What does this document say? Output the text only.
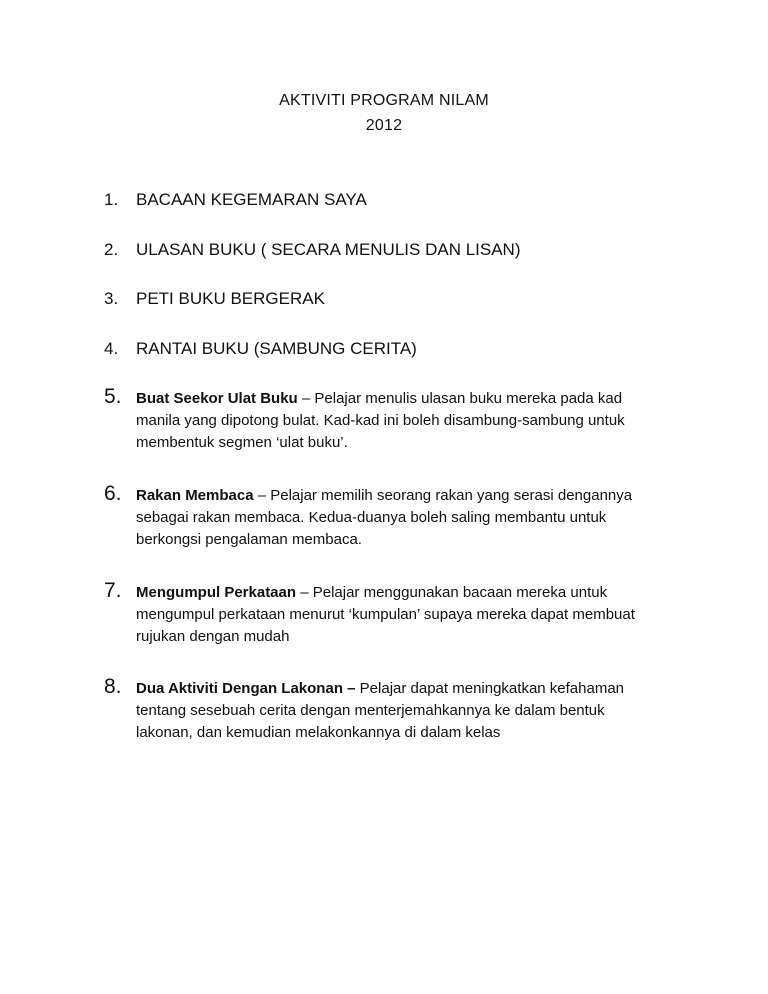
AKTIVITI PROGRAM NILAM
2012
1. BACAAN KEGEMARAN SAYA
2. ULASAN BUKU ( SECARA MENULIS DAN LISAN)
3. PETI BUKU BERGERAK
4. RANTAI BUKU (SAMBUNG CERITA)
5. Buat Seekor Ulat Buku – Pelajar menulis ulasan buku mereka pada kad manila yang dipotong bulat. Kad-kad ini boleh disambung-sambung untuk membentuk segmen ‘ulat buku’.
6. Rakan Membaca – Pelajar memilih seorang rakan yang serasi dengannya sebagai rakan membaca. Kedua-duanya boleh saling membantu untuk berkongsi pengalaman membaca.
7. Mengumpul Perkataan – Pelajar menggunakan bacaan mereka untuk mengumpul perkataan menurut ‘kumpulan’ supaya mereka dapat membuat rujukan dengan mudah
8. Dua Aktiviti Dengan Lakonan – Pelajar dapat meningkatkan kefahaman tentang sesebuah cerita dengan menterjemahkannya ke dalam bentuk lakonan, dan kemudian melakonkannya di dalam kelas
